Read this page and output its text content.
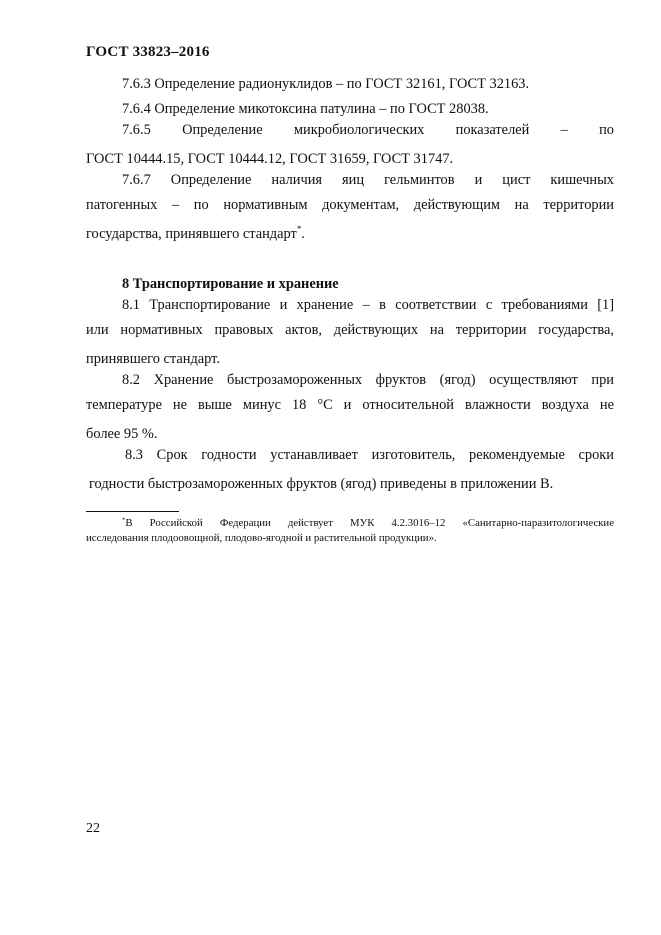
ГОСТ 33823–2016
7.6.3 Определение радионуклидов – по ГОСТ 32161, ГОСТ 32163.
7.6.4 Определение микотоксина патулина – по ГОСТ 28038.
7.6.5 Определение микробиологических показателей – по
ГОСТ 10444.15, ГОСТ 10444.12, ГОСТ 31659, ГОСТ 31747.
7.6.7 Определение наличия яиц гельминтов и цист кишечных
патогенных – по нормативным документам, действующим на территории
государства, принявшего стандарт*.
8 Транспортирование и хранение
8.1 Транспортирование и хранение – в соответствии с требованиями [1]
или нормативных правовых актов, действующих на территории государства,
принявшего стандарт.
8.2 Хранение быстрозамороженных фруктов (ягод) осуществляют при
температуре не выше минус 18 °С и относительной влажности воздуха не
более 95 %.
8.3 Срок годности устанавливает изготовитель, рекомендуемые сроки
годности быстрозамороженных фруктов (ягод) приведены в приложении В.
*В Российской Федерации действует МУК 4.2.3016–12 «Санитарно-паразитологические
исследования плодоовощной, плодово-ягодной и растительной продукции».
22
